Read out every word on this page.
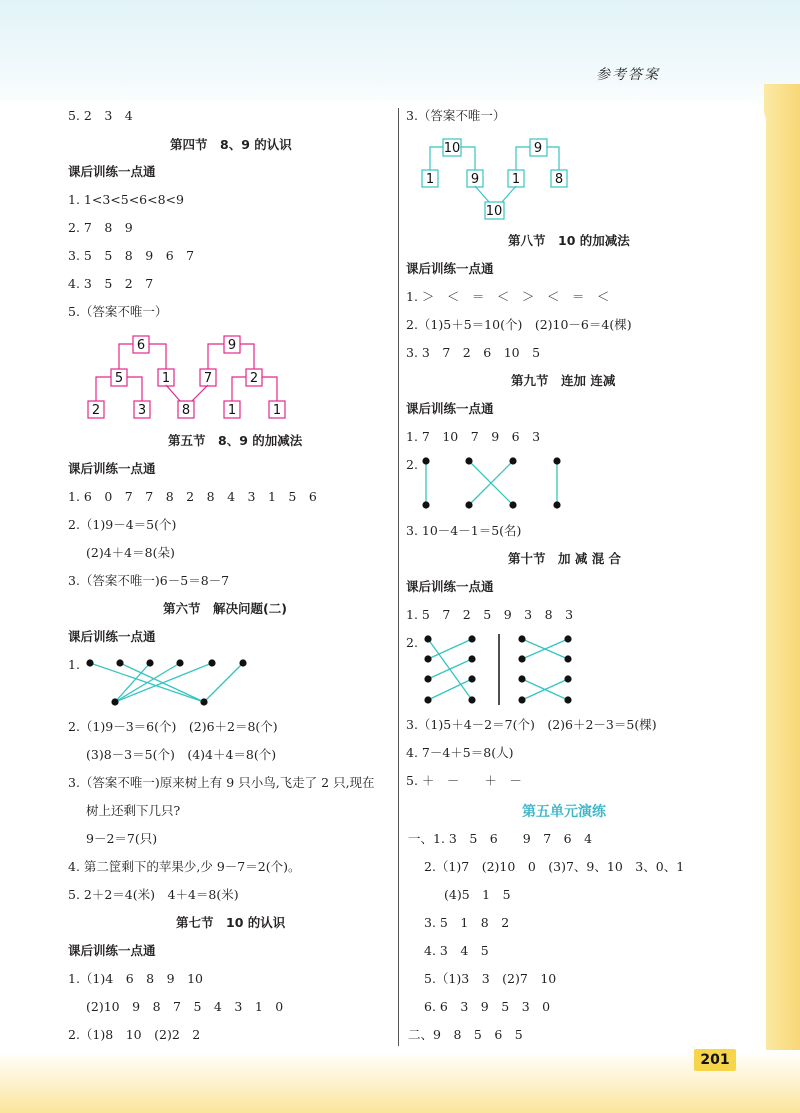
参考答案
5. 2　3　4
第四节　8、9 的认识
课后训练一点通
1. 1<3<5<6<8<9
2. 7　8　9
3. 5　5　8　9　6　7
4. 3　5　2　7
5.（答案不唯一）
6	9
5	1	7	2
2	3	8	1	1
第五节　8、9 的加减法
课后训练一点通
1. 6　0　7　7　8　2　8　4　3　1　5　6
2.（1)9－4＝5(个)
(2)4＋4＝8(朵)
3.（答案不唯一)6－5＝8－7
第六节　解决问题(二)
课后训练一点通
1.
2.（1)9－3＝6(个)　(2)6＋2＝8(个)
(3)8－3＝5(个)　(4)4＋4＝8(个)
3.（答案不唯一)原来树上有 9 只小鸟,飞走了 2 只,现在
树上还剩下几只?
9－2＝7(只)
4. 第二筐剩下的苹果少,少 9－7＝2(个)。
5. 2＋2＝4(米)　4＋4＝8(米)
第七节　10 的认识
课后训练一点通
1.（1)4　6　8　9　10
(2)10　9　8　7　5　4　3　1　0
2.（1)8　10　(2)2　2
3.（答案不唯一）
10	9
1	9	1	8
10
第八节　10 的加减法
课后训练一点通
1. ＞　＜　＝　＜　＞　＜　＝　＜
2.（1)5＋5＝10(个)　(2)10－6＝4(棵)
3. 3　7　2　6　10　5
第九节　连加 连减
课后训练一点通
1. 7　10　7　9　6　3
2.
3. 10－4－1＝5(名)
第十节　加 减 混 合
课后训练一点通
1. 5　7　2　5　9　3　8　3
2.
3.（1)5＋4－2＝7(个)　(2)6＋2－3＝5(棵)
4. 7－4＋5＝8(人)
5. ＋　－　　＋　－
第五单元演练
一、1. 3　5　6　　9　7　6　4
2.（1)7　(2)10　0　(3)7、9、10　3、0、1
(4)5　1　5
3. 5　1　8　2
4. 3　4　5
5.（1)3　3　(2)7　10
6. 6　3　9　5　3　0
二、9　8　5　6　5
201
